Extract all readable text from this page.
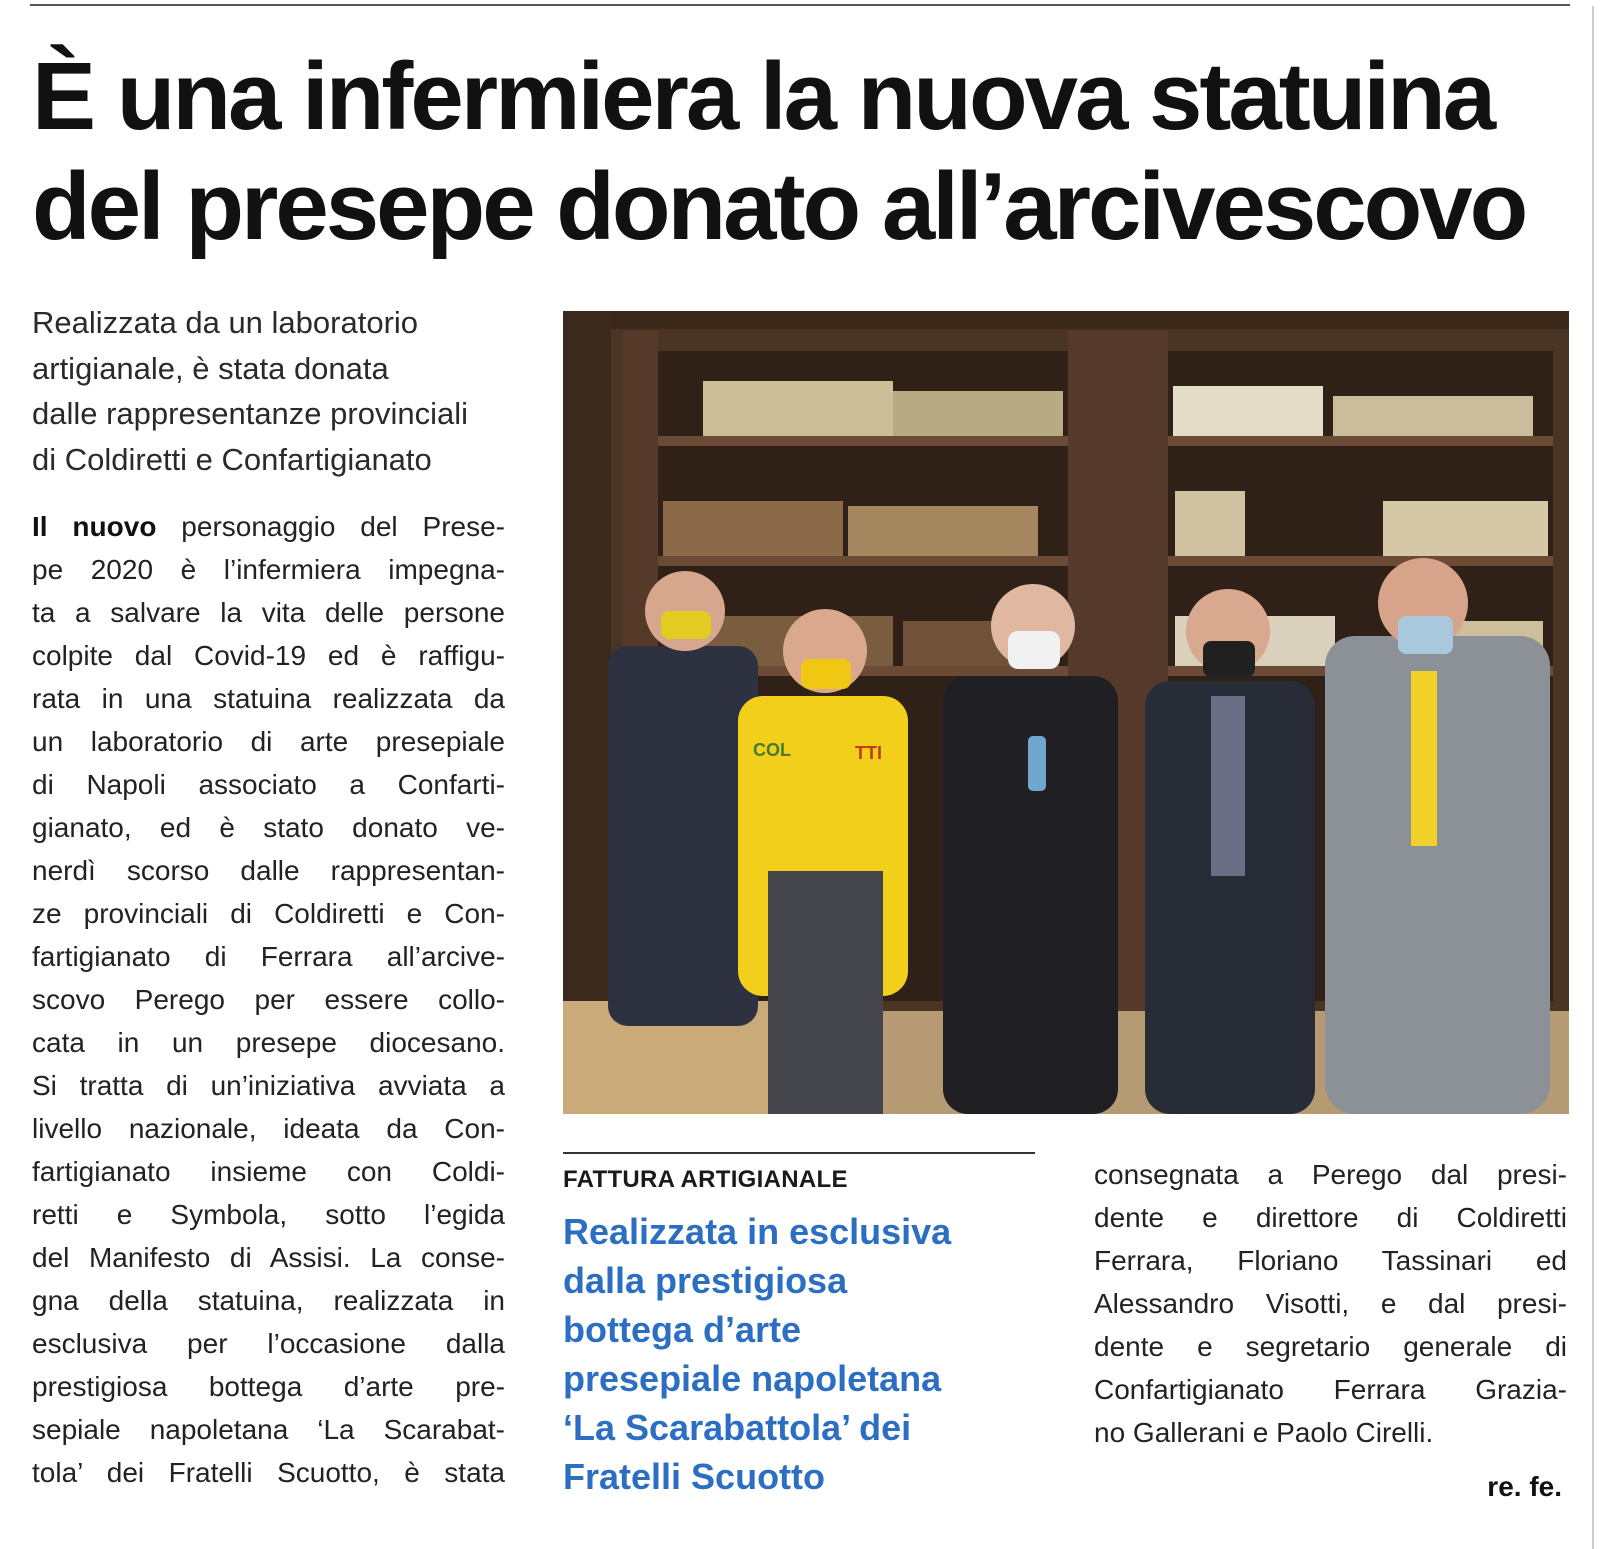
È una infermiera la nuova statuina
del presepe donato all’arcivescovo
Realizzata da un laboratorio
artigianale, è stata donata
dalle rappresentanze provinciali
di Coldiretti e Confartigianato
Il nuovo personaggio del Prese-
pe 2020 è l’infermiera impegna-
ta a salvare la vita delle persone
colpite dal Covid-19 ed è raffigu-
rata in una statuina realizzata da
un laboratorio di arte presepiale
di Napoli associato a Confarti-
gianato, ed è stato donato ve-
nerdì scorso dalle rappresentan-
ze provinciali di Coldiretti e Con-
fartigianato di Ferrara all’arcive-
scovo Perego per essere collo-
cata in un presepe diocesano.
Si tratta di un’iniziativa avviata a
livello nazionale, ideata da Con-
fartigianato insieme con Coldi-
retti e Symbola, sotto l’egida
del Manifesto di Assisi. La conse-
gna della statuina, realizzata in
esclusiva per l’occasione dalla
prestigiosa bottega d’arte pre-
sepiale napoletana ‘La Scarabat-
tola’ dei Fratelli Scuotto, è stata
COL	TTI
FATTURA ARTIGIANALE
Realizzata in esclusiva
dalla prestigiosa
bottega d’arte
presepiale napoletana
‘La Scarabattola’ dei
Fratelli Scuotto
consegnata a Perego dal presi-
dente e direttore di Coldiretti
Ferrara, Floriano Tassinari ed
Alessandro Visotti, e dal presi-
dente e segretario generale di
Confartigianato Ferrara Grazia-
no Gallerani e Paolo Cirelli.
re. fe.
